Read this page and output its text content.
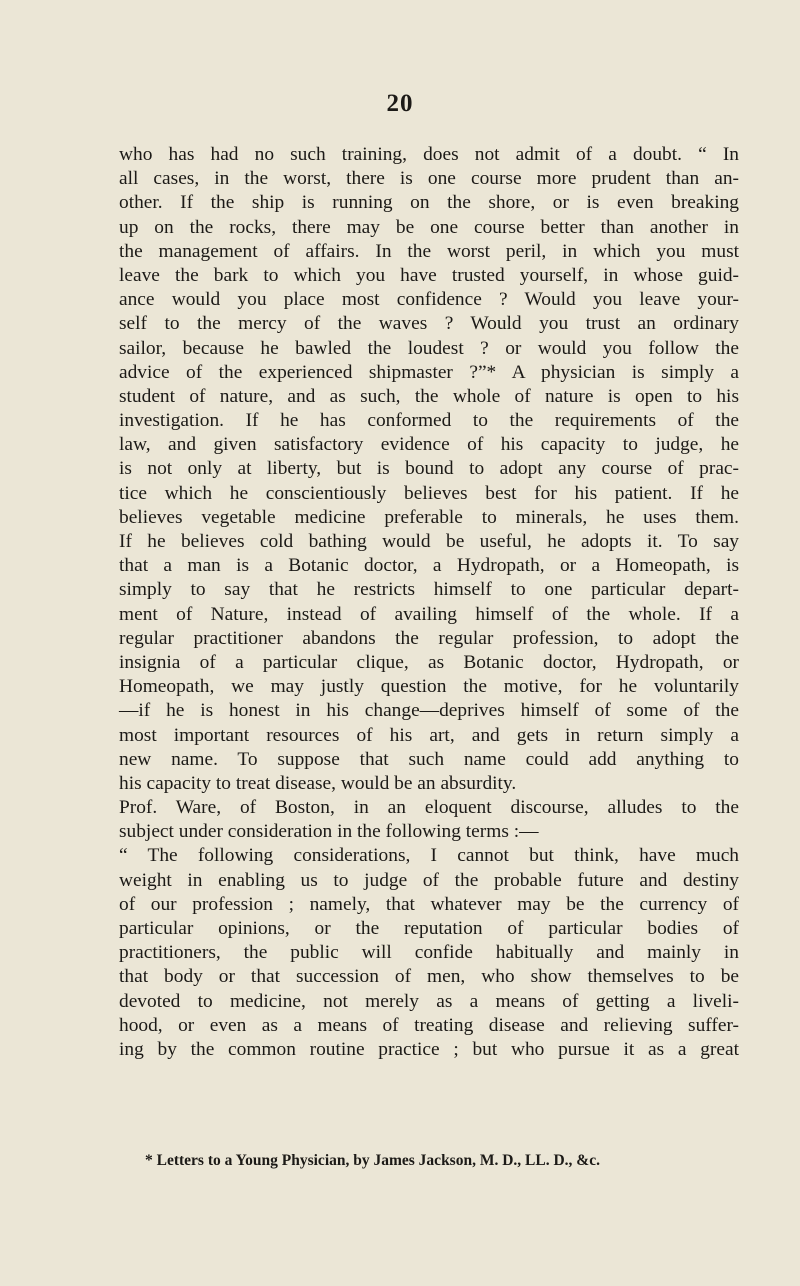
20
who has had no such training, does not admit of a doubt. “ In
all cases, in the worst, there is one course more prudent than an-
other. If the ship is running on the shore, or is even breaking
up on the rocks, there may be one course better than another in
the management of affairs. In the worst peril, in which you must
leave the bark to which you have trusted yourself, in whose guid-
ance would you place most confidence ? Would you leave your-
self to the mercy of the waves ? Would you trust an ordinary
sailor, because he bawled the loudest ? or would you follow the
advice of the experienced shipmaster ?”* A physician is simply a
student of nature, and as such, the whole of nature is open to his
investigation. If he has conformed to the requirements of the
law, and given satisfactory evidence of his capacity to judge, he
is not only at liberty, but is bound to adopt any course of prac-
tice which he conscientiously believes best for his patient. If he
believes vegetable medicine preferable to minerals, he uses them.
If he believes cold bathing would be useful, he adopts it. To say
that a man is a Botanic doctor, a Hydropath, or a Homeopath, is
simply to say that he restricts himself to one particular depart-
ment of Nature, instead of availing himself of the whole. If a
regular practitioner abandons the regular profession, to adopt the
insignia of a particular clique, as Botanic doctor, Hydropath, or
Homeopath, we may justly question the motive, for he voluntarily
—if he is honest in his change—deprives himself of some of the
most important resources of his art, and gets in return simply a
new name. To suppose that such name could add anything to
his capacity to treat disease, would be an absurdity.
Prof. Ware, of Boston, in an eloquent discourse, alludes to the
subject under consideration in the following terms :—
“ The following considerations, I cannot but think, have much
weight in enabling us to judge of the probable future and destiny
of our profession ; namely, that whatever may be the currency of
particular opinions, or the reputation of particular bodies of
practitioners, the public will confide habitually and mainly in
that body or that succession of men, who show themselves to be
devoted to medicine, not merely as a means of getting a liveli-
hood, or even as a means of treating disease and relieving suffer-
ing by the common routine practice ; but who pursue it as a great
* Letters to a Young Physician, by James Jackson, M. D., LL. D., &c.
